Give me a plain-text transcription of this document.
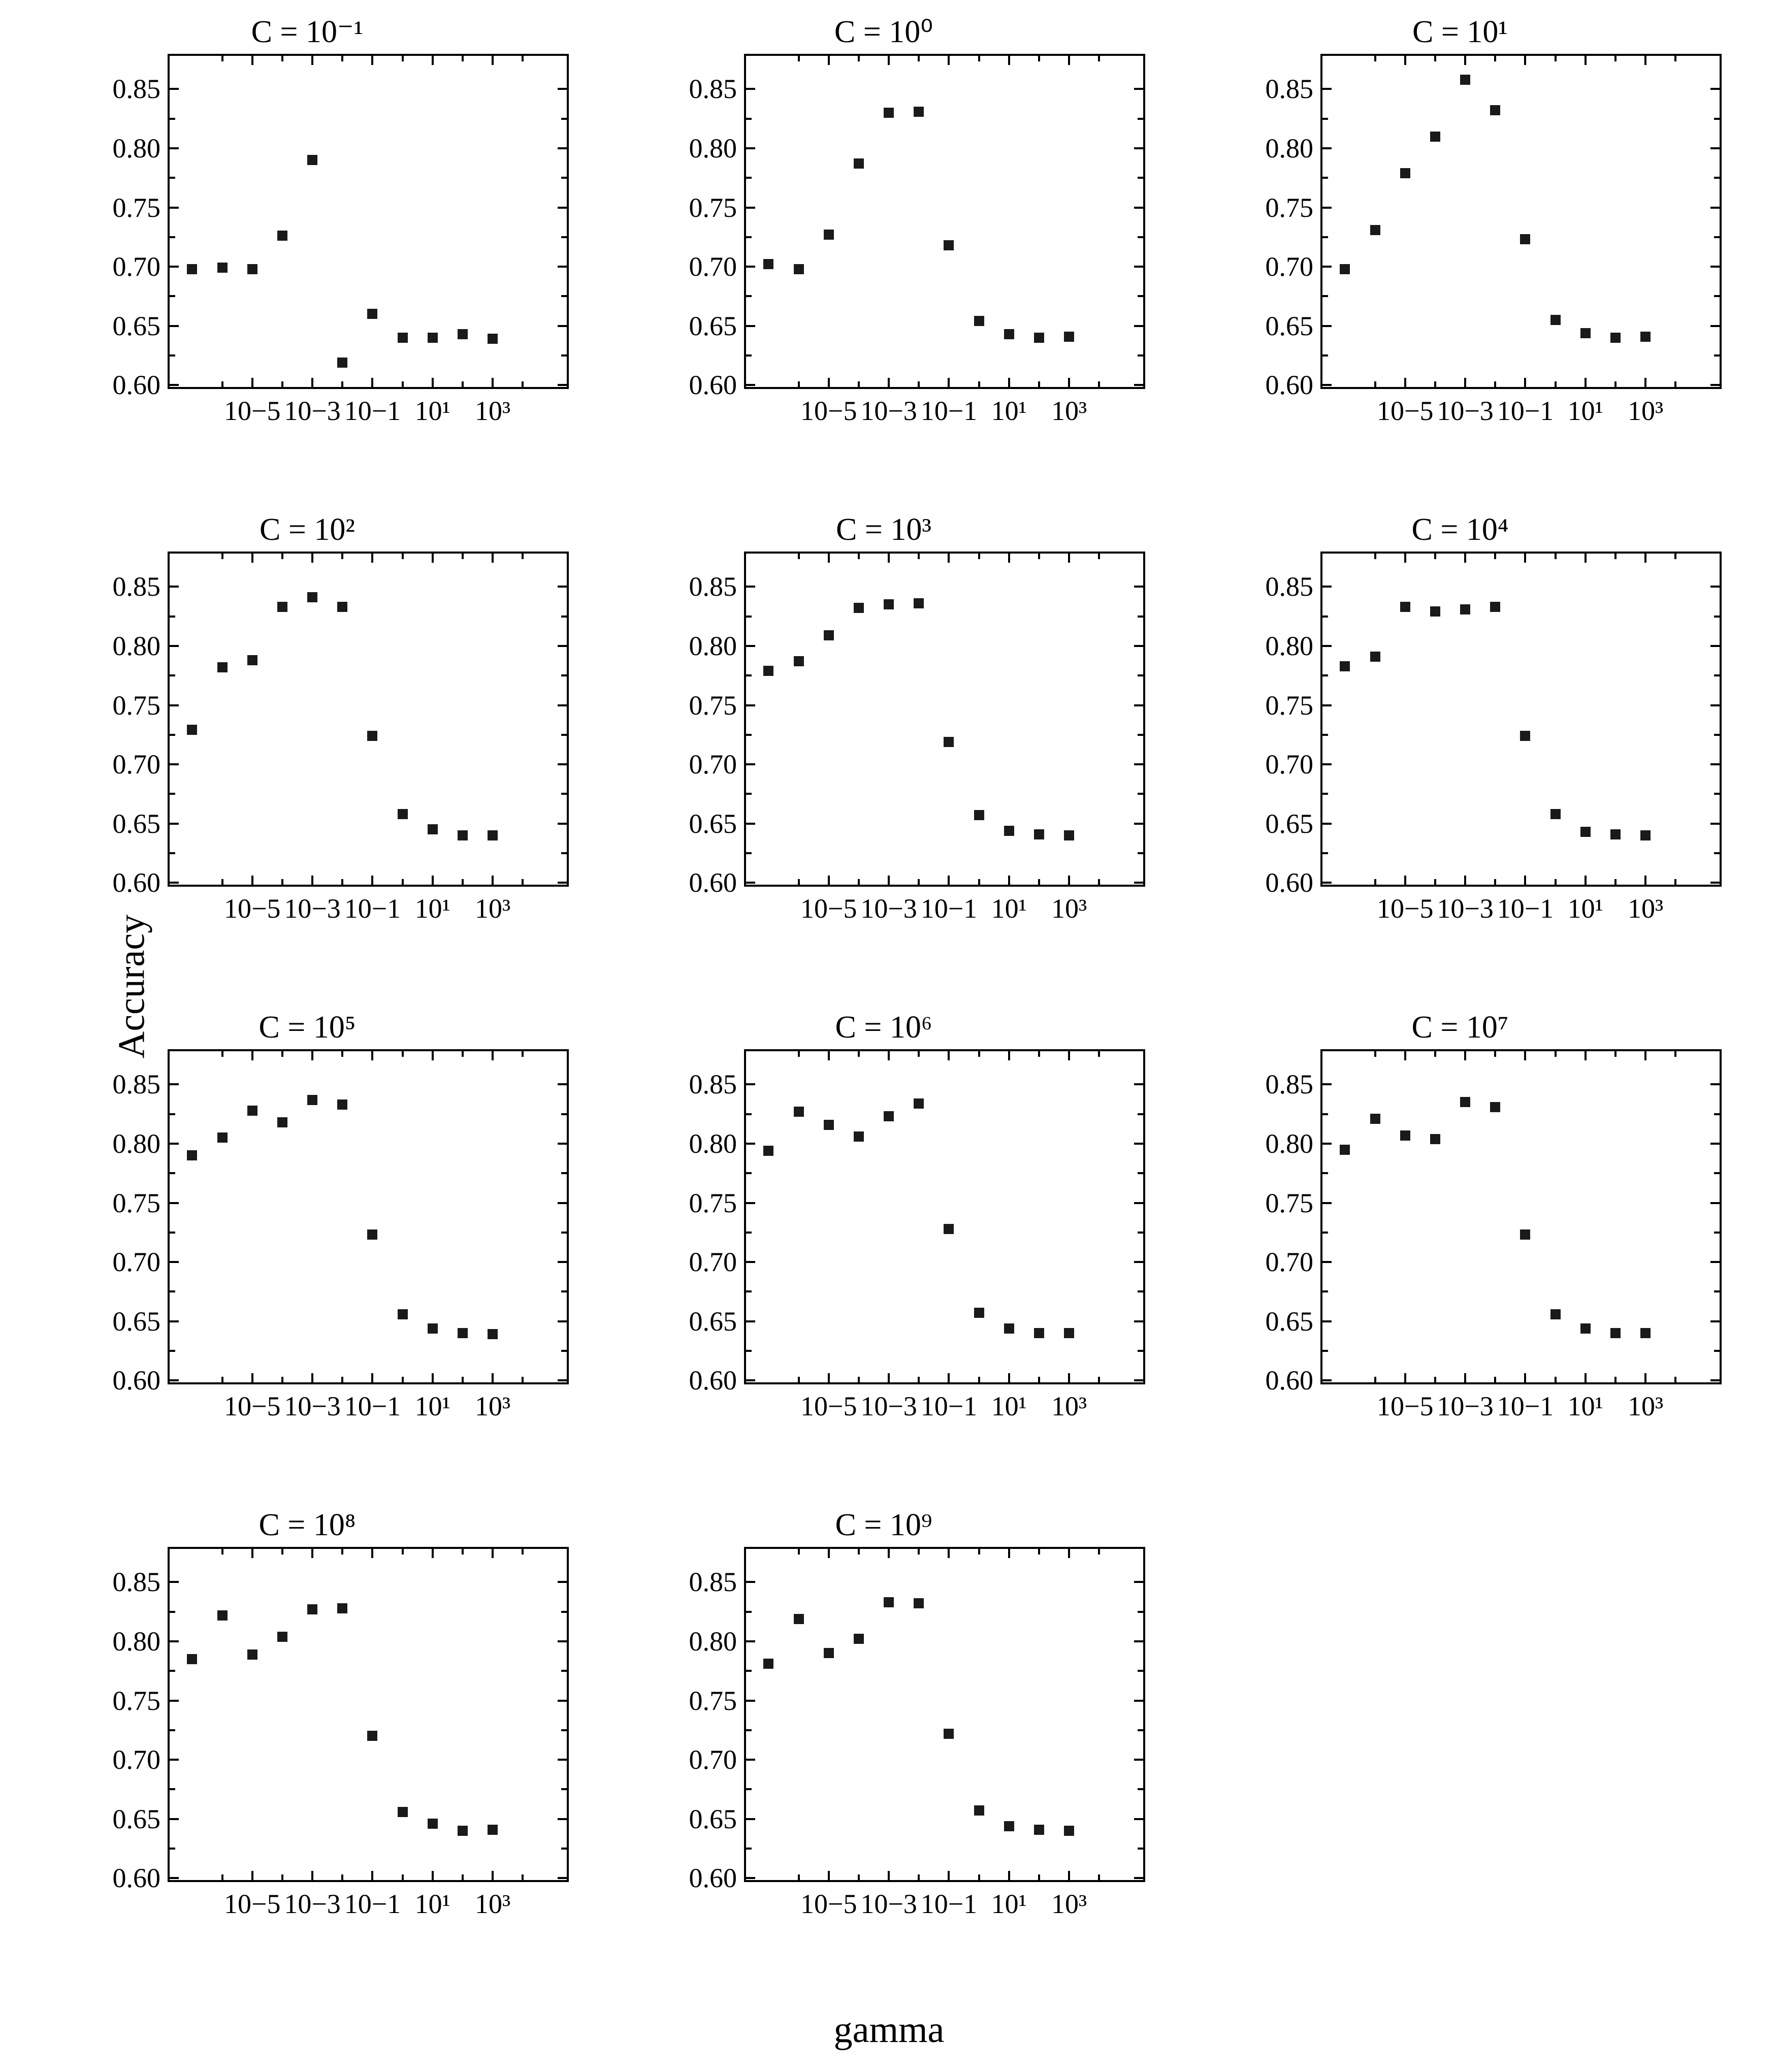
Accuracy
gamma
C = 10⁻¹
0.60
0.65
0.70
0.75
0.80
0.85
10−5 10−3 10−1 10¹ 10³
C = 10⁰
0.60
0.65
0.70
0.75
0.80
0.85
10−5 10−3 10−1 10¹ 10³
C = 10¹
0.60
0.65
0.70
0.75
0.80
0.85
10−5 10−3 10−1 10¹ 10³
C = 10²
0.60
0.65
0.70
0.75
0.80
0.85
10−5 10−3 10−1 10¹ 10³
C = 10³
0.60
0.65
0.70
0.75
0.80
0.85
10−5 10−3 10−1 10¹ 10³
C = 10⁴
0.60
0.65
0.70
0.75
0.80
0.85
10−5 10−3 10−1 10¹ 10³
C = 10⁵
0.60
0.65
0.70
0.75
0.80
0.85
10−5 10−3 10−1 10¹ 10³
C = 10⁶
0.60
0.65
0.70
0.75
0.80
0.85
10−5 10−3 10−1 10¹ 10³
C = 10⁷
0.60
0.65
0.70
0.75
0.80
0.85
10−5 10−3 10−1 10¹ 10³
C = 10⁸
0.60
0.65
0.70
0.75
0.80
0.85
10−5 10−3 10−1 10¹ 10³
C = 10⁹
0.60
0.65
0.70
0.75
0.80
0.85
10−5 10−3 10−1 10¹ 10³
